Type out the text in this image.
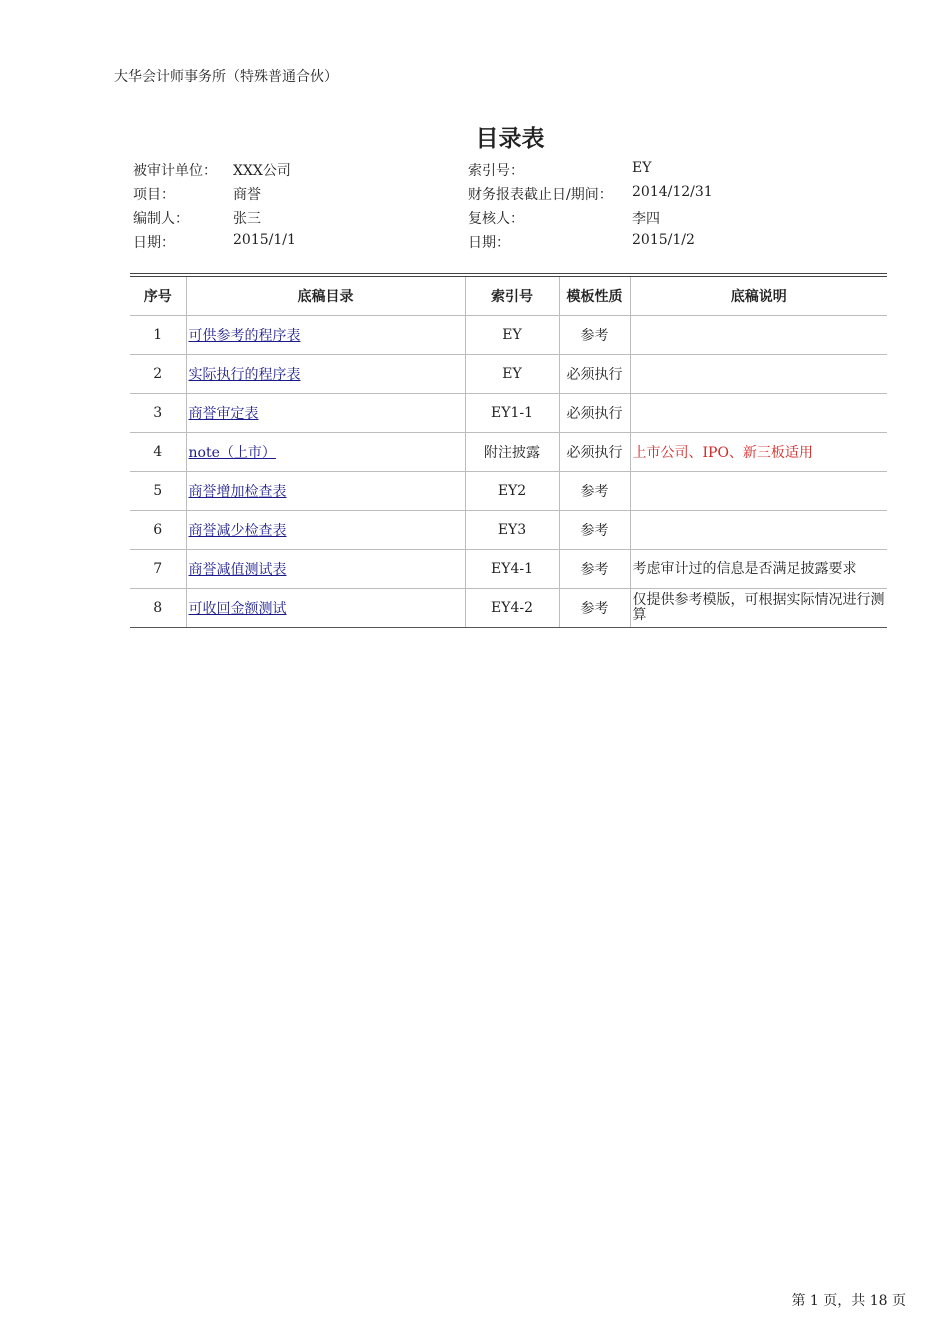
大华会计师事务所（特殊普通合伙）
目录表
被审计单位： XXX公司	索引号：	EY
项目：	商誉	财务报表截止日/期间： 2014/12/31
编制人：	张三	复核人：	李四
日期：	2015/1/1	日期：	2015/1/2
序号	底稿目录	索引号	模板性质	底稿说明
1	可供参考的程序表	EY	参考	
2	实际执行的程序表	EY	必须执行	
3	商誉审定表	EY1-1	必须执行	
4	note（上市）	附注披露	必须执行	上市公司、IPO、新三板适用
5	商誉增加检查表	EY2	参考	
6	商誉减少检查表	EY3	参考	
7	商誉减值测试表	EY4-1	参考	考虑审计过的信息是否满足披露要求
8	可收回金额测试	EY4-2	参考	仅提供参考模版，可根据实际情况进行测算
第 1 页，共 18 页
